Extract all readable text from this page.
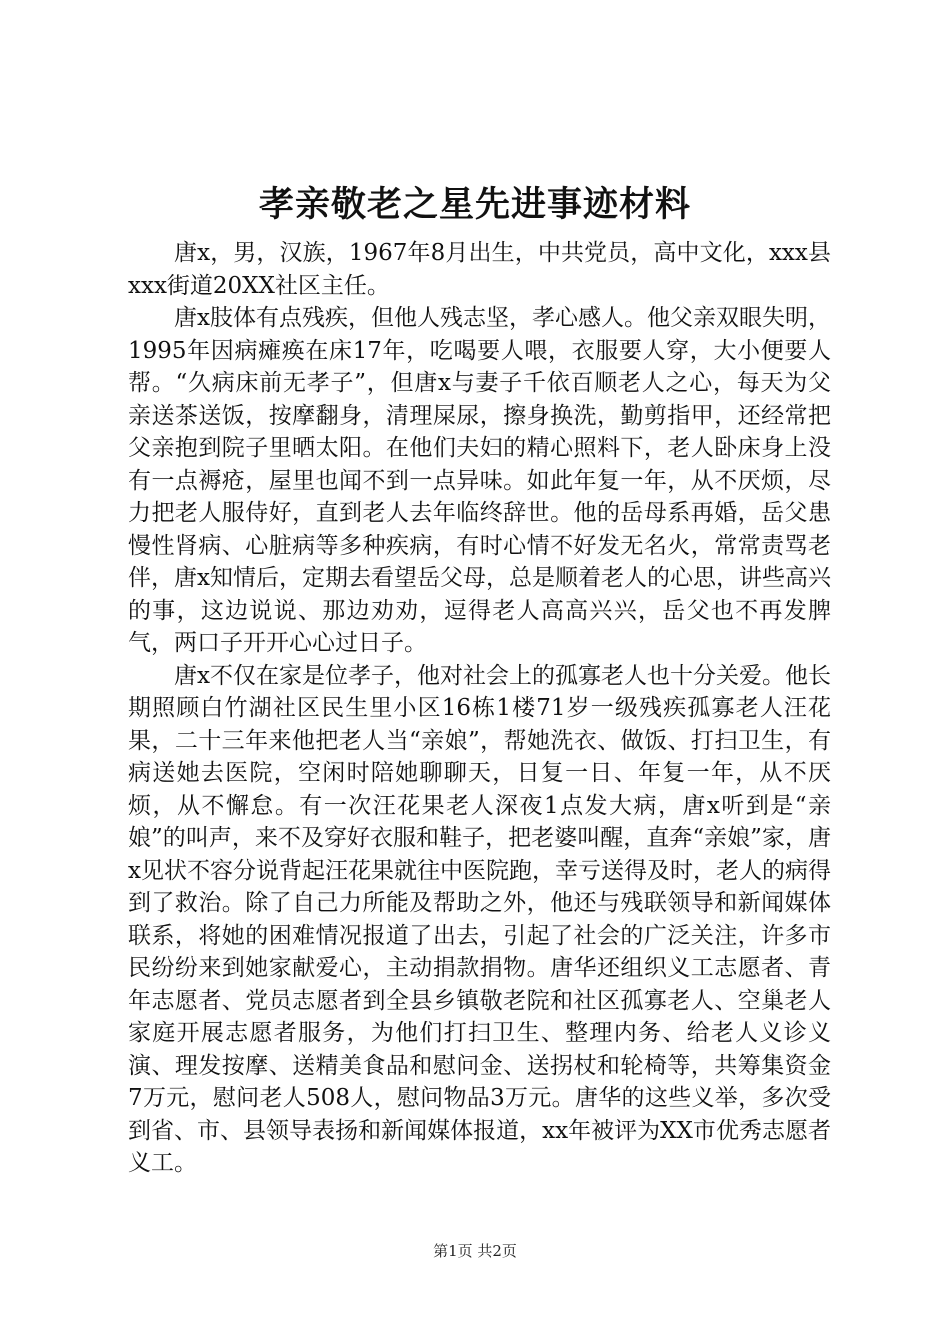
孝亲敬老之星先进事迹材料

唐x，男，汉族，1967年8月出生，中共党员，高中文化，xxx县xxx街道20XX社区主任。

唐x肢体有点残疾，但他人残志坚，孝心感人。他父亲双眼失明，1995年因病瘫痪在床17年，吃喝要人喂，衣服要人穿，大小便要人帮。“久病床前无孝子”，但唐x与妻子千依百顺老人之心，每天为父亲送茶送饭，按摩翻身，清理屎尿，擦身换洗，勤剪指甲，还经常把父亲抱到院子里晒太阳。在他们夫妇的精心照料下，老人卧床身上没有一点褥疮，屋里也闻不到一点异味。如此年复一年，从不厌烦，尽力把老人服侍好，直到老人去年临终辞世。他的岳母系再婚，岳父患慢性肾病、心脏病等多种疾病，有时心情不好发无名火，常常责骂老伴，唐x知情后，定期去看望岳父母，总是顺着老人的心思，讲些高兴的事，这边说说、那边劝劝，逗得老人高高兴兴，岳父也不再发脾气，两口子开开心心过日子。

唐x不仅在家是位孝子，他对社会上的孤寡老人也十分关爱。他长期照顾白竹湖社区民生里小区16栋1楼71岁一级残疾孤寡老人汪花果，二十三年来他把老人当“亲娘”，帮她洗衣、做饭、打扫卫生，有病送她去医院，空闲时陪她聊聊天，日复一日、年复一年，从不厌烦，从不懈怠。有一次汪花果老人深夜1点发大病，唐x听到是“亲娘”的叫声，来不及穿好衣服和鞋子，把老婆叫醒，直奔“亲娘”家，唐x见状不容分说背起汪花果就往中医院跑，幸亏送得及时，老人的病得到了救治。除了自己力所能及帮助之外，他还与残联领导和新闻媒体联系，将她的困难情况报道了出去，引起了社会的广泛关注，许多市民纷纷来到她家献爱心，主动捐款捐物。唐华还组织义工志愿者、青年志愿者、党员志愿者到全县乡镇敬老院和社区孤寡老人、空巢老人家庭开展志愿者服务，为他们打扫卫生、整理内务、给老人义诊义演、理发按摩、送精美食品和慰问金、送拐杖和轮椅等，共筹集资金7万元，慰问老人508人，慰问物品3万元。唐华的这些义举，多次受到省、市、县领导表扬和新闻媒体报道，xx年被评为XX市优秀志愿者义工。

第1页 共2页
